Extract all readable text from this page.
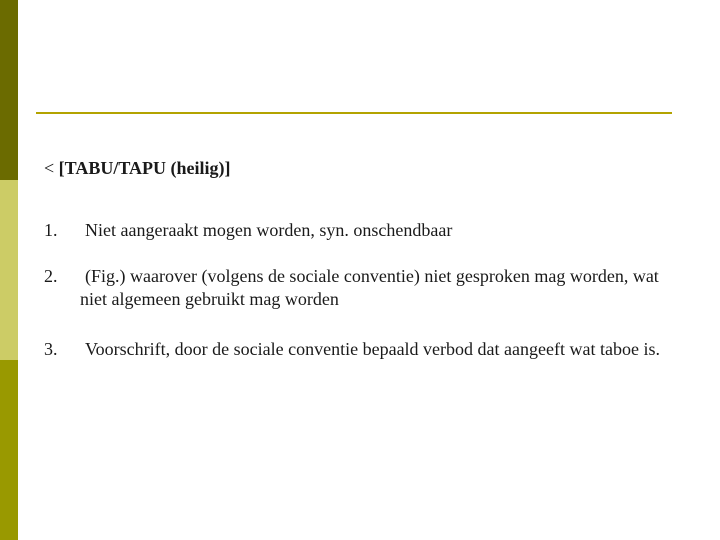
< [TABU/TAPU (heilig)]
1. Niet aangeraakt mogen worden, syn. onschendbaar
2. (Fig.) waarover (volgens de sociale conventie) niet gesproken mag worden, wat niet algemeen gebruikt mag worden
3. Voorschrift, door de sociale conventie bepaald verbod dat aangeeft wat taboe is.
